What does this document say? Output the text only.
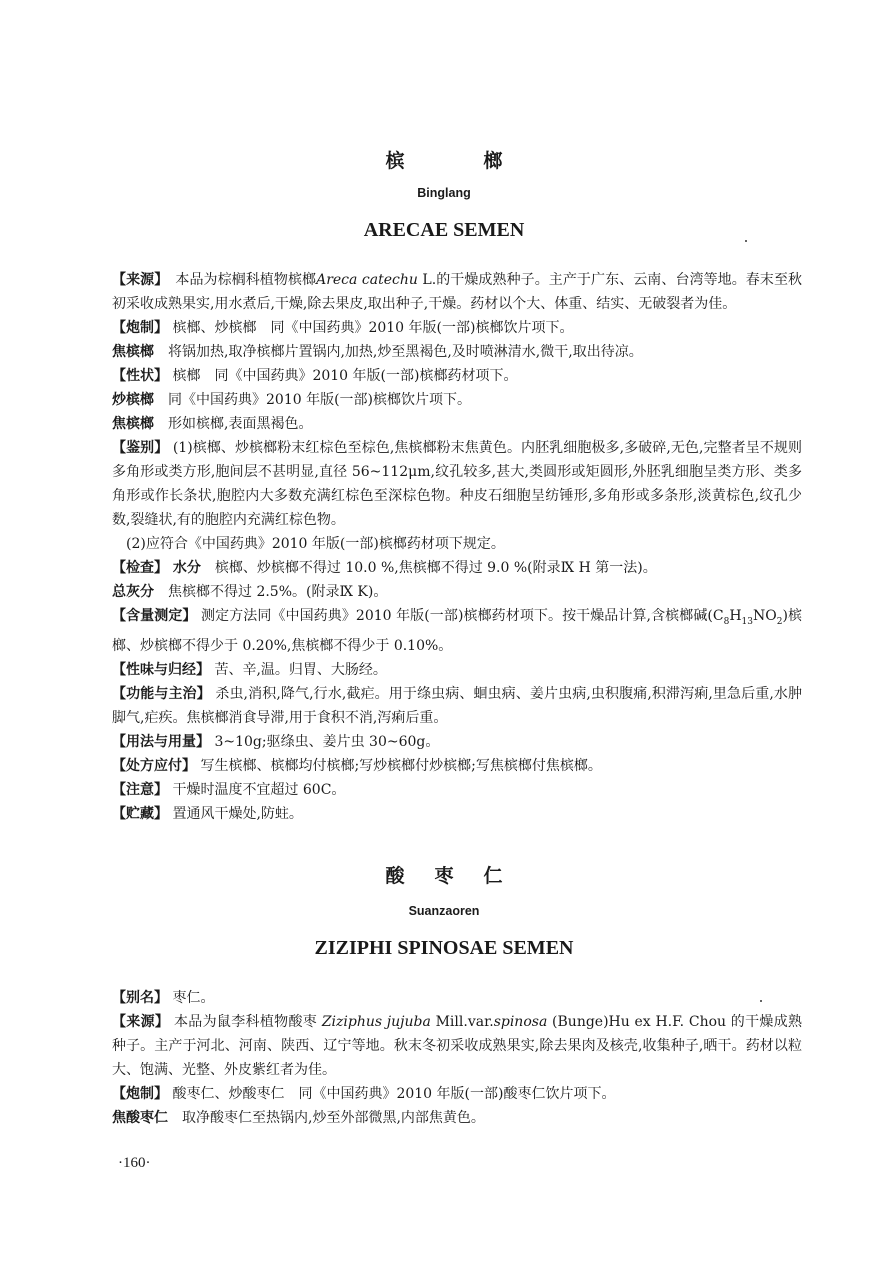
槟　榔
Binglang
ARECAE SEMEN

【来源】　本品为棕榈科植物槟榔Areca catechu L.的干燥成熟种子。主产于广东、云南、台湾等地。春末至秋初采收成熟果实,用水煮后,干燥,除去果皮,取出种子,干燥。药材以个大、体重、结实、无破裂者为佳。

【炮制】 槟榔、炒槟榔　同《中国药典》2010 年版(一部)槟榔饮片项下。

焦槟榔　将锅加热,取净槟榔片置锅内,加热,炒至黑褐色,及时喷淋清水,微干,取出待凉。

【性状】 槟榔　同《中国药典》2010 年版(一部)槟榔药材项下。

炒槟榔　同《中国药典》2010 年版(一部)槟榔饮片项下。

焦槟榔　形如槟榔,表面黑褐色。

【鉴别】 (1)槟榔、炒槟榔粉末红棕色至棕色,焦槟榔粉末焦黄色。内胚乳细胞极多,多破碎,无色,完整者呈不规则多角形或类方形,胞间层不甚明显,直径 56~112μm,纹孔较多,甚大,类圆形或矩圆形,外胚乳细胞呈类方形、类多角形或作长条状,胞腔内大多数充满红棕色至深棕色物。种皮石细胞呈纺锤形,多角形或多条形,淡黄棕色,纹孔少数,裂缝状,有的胞腔内充满红棕色物。

　(2)应符合《中国药典》2010 年版(一部)槟榔药材项下规定。

【检查】 水分　槟榔、炒槟榔不得过 10.0 %,焦槟榔不得过 9.0 %(附录Ⅸ H 第一法)。

总灰分　焦槟榔不得过 2.5%。(附录Ⅸ K)。

【含量测定】 测定方法同《中国药典》2010 年版(一部)槟榔药材项下。按干燥品计算,含槟榔碱$(C_8H_{13}NO_2)$槟榔、炒槟榔不得少于 0.20%,焦槟榔不得少于 0.10%。

【性味与归经】 苦、辛,温。归胃、大肠经。

【功能与主治】 杀虫,消积,降气,行水,截疟。用于绦虫病、蛔虫病、姜片虫病,虫积腹痛,积滞泻痢,里急后重,水肿脚气,疟疾。焦槟榔消食导滞,用于食积不消,泻痢后重。

【用法与用量】 3~10g;驱绦虫、姜片虫 30~60g。

【处方应付】 写生槟榔、槟榔均付槟榔;写炒槟榔付炒槟榔;写焦槟榔付焦槟榔。

【注意】 干燥时温度不宜超过 60C。

【贮藏】 置通风干燥处,防蛀。

酸枣仁
Suanzaoren
ZIZIPHI SPINOSAE SEMEN

【别名】 枣仁。

【来源】 本品为鼠李科植物酸枣 Ziziphus jujuba Mill.var.spinosa (Bunge)Hu ex H.F. Chou 的干燥成熟种子。主产于河北、河南、陕西、辽宁等地。秋末冬初采收成熟果实,除去果肉及核壳,收集种子,晒干。药材以粒大、饱满、光整、外皮紫红者为佳。

【炮制】 酸枣仁、炒酸枣仁　同《中国药典》2010 年版(一部)酸枣仁饮片项下。

焦酸枣仁　取净酸枣仁至热锅内,炒至外部微黑,内部焦黄色。

·160·
